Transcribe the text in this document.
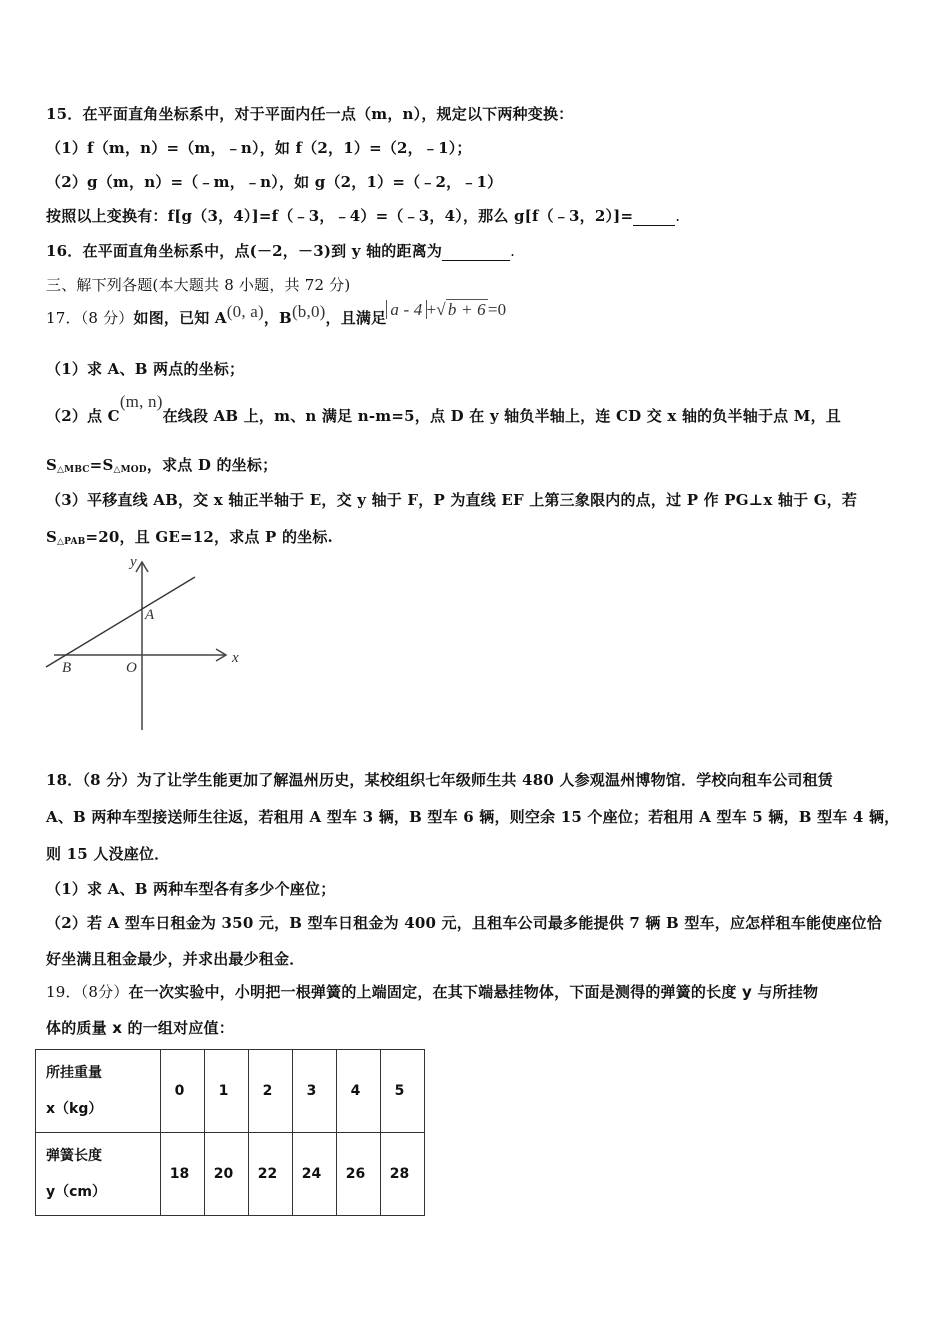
15．在平面直角坐标系中，对于平面内任一点（m，n），规定以下两种变换：
（1）f（m，n）=（m，﹣n），如 f（2，1）=（2，﹣1）；
（2）g（m，n）=（﹣m，﹣n），如 g（2，1）=（﹣2，﹣1）
按照以上变换有：f[g（3，4）]=f（﹣3，﹣4）=（﹣3，4），那么 g[f（﹣3，2）]=	.
16．在平面直角坐标系中，点(－2，－3)到 y 轴的距离为	.
三、解下列各题(本大题共 8 小题，共 72 分)
17．（8 分）如图，已知 A(0, a)，B(b,0)，且满足 a - 4 +√ b + 6 =0
（1）求 A、B 两点的坐标；
（2）点 C(m, n)在线段 AB 上，m、n 满足 n-m=5，点 D 在 y 轴负半轴上，连 CD 交 x 轴的负半轴于点 M，且
$S_{\triangle MBC}=S_{\triangle MOD}$，求点 D 的坐标；
（3）平移直线 AB，交 x 轴正半轴于 E，交 y 轴于 F，P 为直线 EF 上第三象限内的点，过 P 作 PG⊥x 轴于 G，若
$S_{\triangle PAB}=20$，且 GE=12，求点 P 的坐标.
y
x
A
B	O
18．（8 分）为了让学生能更加了解温州历史，某校组织七年级师生共 480 人参观温州博物馆．学校向租车公司租赁
A、B 两种车型接送师生往返，若租用 A 型车 3 辆，B 型车 6 辆，则空余 15 个座位；若租用 A 型车 5 辆，B 型车 4 辆，
则 15 人没座位．
（1）求 A、B 两种车型各有多少个座位；
（2）若 A 型车日租金为 350 元，B 型车日租金为 400 元，且租车公司最多能提供 7 辆 B 型车，应怎样租车能使座位恰
好坐满且租金最少，并求出最少租金．
19．（8分）在一次实验中，小明把一根弹簧的上端固定，在其下端悬挂物体，下面是测得的弹簧的长度 y 与所挂物
体的质量 x 的一组对应值：
所挂重量
x（kg）	0	1	2	3	4	5

弹簧长度
y（cm）	18	20	22	24	26	28
